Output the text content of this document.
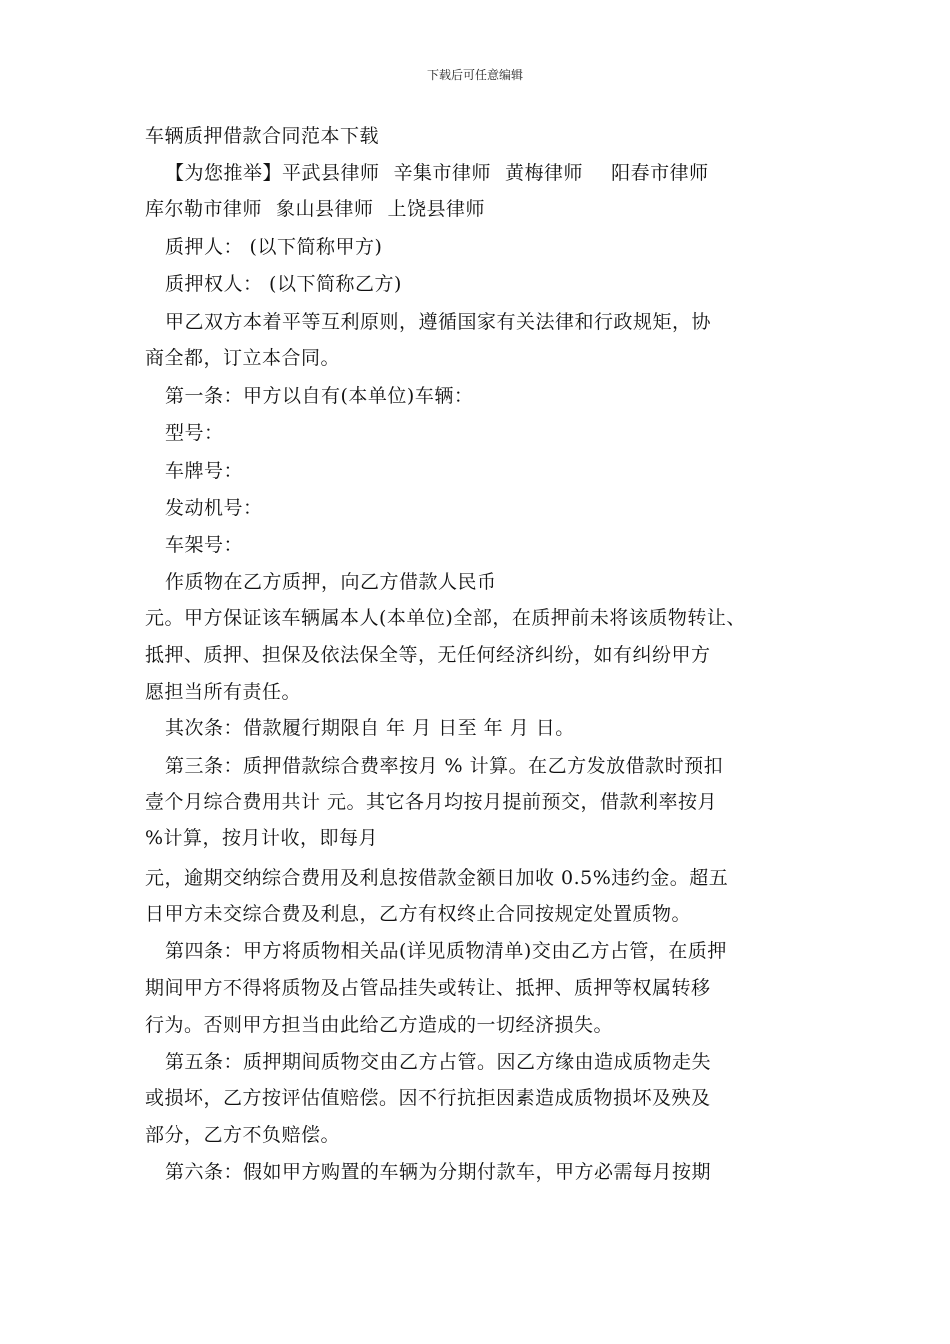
下载后可任意编辑
车辆质押借款合同范本下载
【为您推举】平武县律师 辛集市律师 黄梅律师 阳春市律师
库尔勒市律师 象山县律师 上饶县律师
质押人： (以下简称甲方)
质押权人： (以下简称乙方)
甲乙双方本着平等互利原则，遵循国家有关法律和行政规矩，协
商全都，订立本合同。
第一条：甲方以自有(本单位)车辆：
型号：
车牌号：
发动机号：
车架号：
作质物在乙方质押，向乙方借款人民币
元。甲方保证该车辆属本人(本单位)全部，在质押前未将该质物转让、
抵押、质押、担保及依法保全等，无任何经济纠纷，如有纠纷甲方
愿担当所有责任。
其次条：借款履行期限自 年 月 日至 年 月 日。
第三条：质押借款综合费率按月 % 计算。在乙方发放借款时预扣
壹个月综合费用共计 元。其它各月均按月提前预交，借款利率按月
%计算，按月计收，即每月
元，逾期交纳综合费用及利息按借款金额日加收 0.5%违约金。超五
日甲方未交综合费及利息，乙方有权终止合同按规定处置质物。
第四条：甲方将质物相关品(详见质物清单)交由乙方占管，在质押
期间甲方不得将质物及占管品挂失或转让、抵押、质押等权属转移
行为。否则甲方担当由此给乙方造成的一切经济损失。
第五条：质押期间质物交由乙方占管。因乙方缘由造成质物走失
或损坏，乙方按评估值赔偿。因不行抗拒因素造成质物损坏及殃及
部分，乙方不负赔偿。
第六条：假如甲方购置的车辆为分期付款车，甲方必需每月按期
